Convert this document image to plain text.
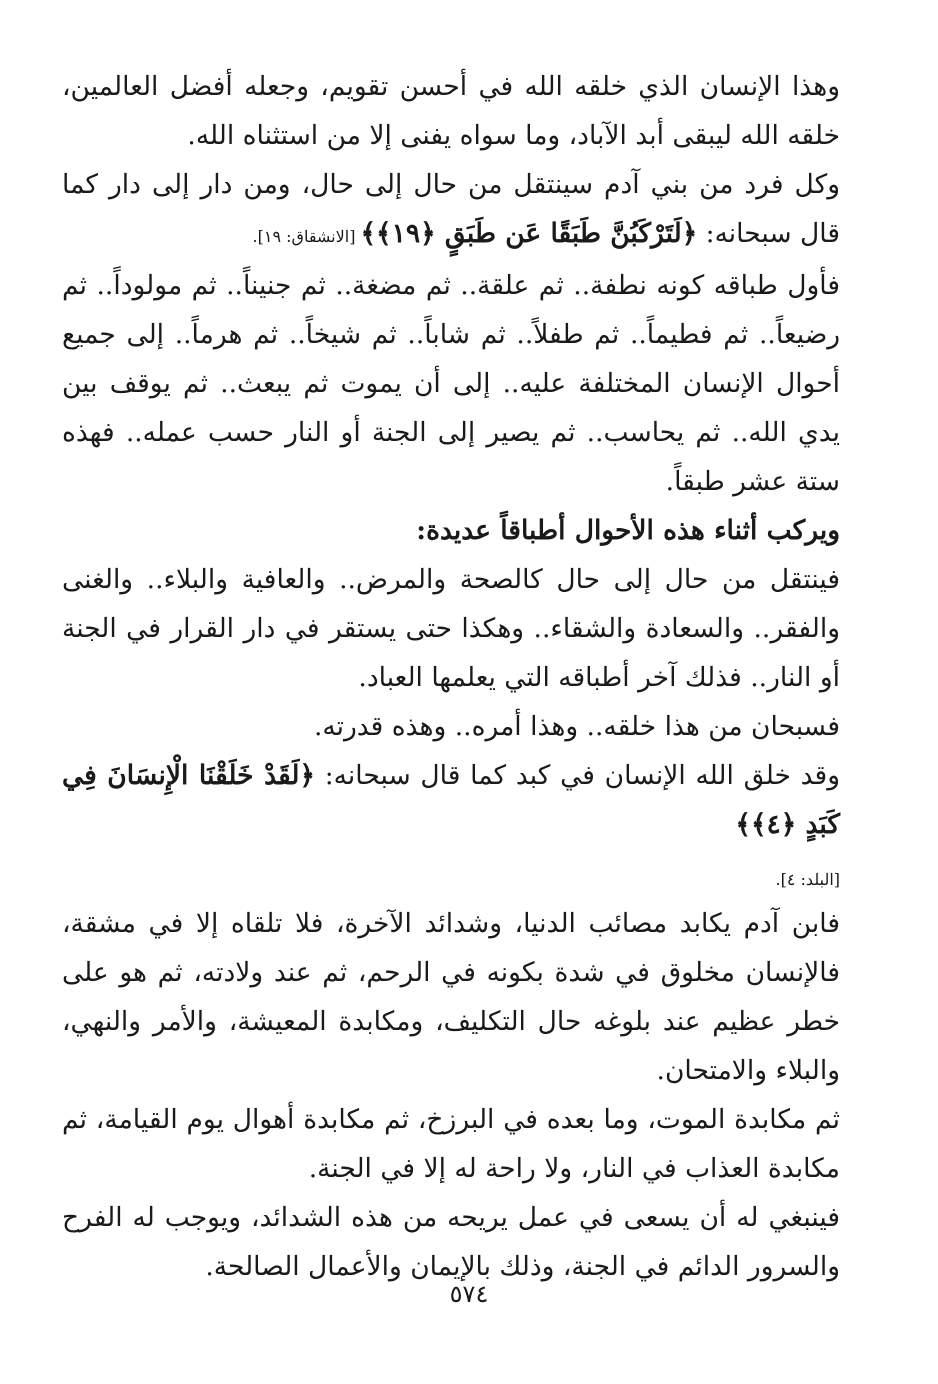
وهذا الإنسان الذي خلقه الله في أحسن تقويم، وجعله أفضل العالمين، خلقه الله ليبقى أبد الآباد، وما سواه يفنى إلا من استثناه الله.

وكل فرد من بني آدم سينتقل من حال إلى حال، ومن دار إلى دار كما قال سبحانه: ﴿لَتَرْكَبُنَّ طَبَقًا عَن طَبَقٍ ﴿١٩﴾﴾ [الانشقاق: ١٩].

فأول طباقه كونه نطفة.. ثم علقة.. ثم مضغة.. ثم جنيناً.. ثم مولوداً.. ثم رضيعاً.. ثم فطيماً.. ثم طفلاً.. ثم شاباً.. ثم شيخاً.. ثم هرماً.. إلى جميع أحوال الإنسان المختلفة عليه.. إلى أن يموت ثم يبعث.. ثم يوقف بين يدي الله.. ثم يحاسب.. ثم يصير إلى الجنة أو النار حسب عمله.. فهذه ستة عشر طبقاً.

ويركب أثناء هذه الأحوال أطباقاً عديدة:

فينتقل من حال إلى حال كالصحة والمرض.. والعافية والبلاء.. والغنى والفقر.. والسعادة والشقاء.. وهكذا حتى يستقر في دار القرار في الجنة أو النار.. فذلك آخر أطباقه التي يعلمها العباد.

فسبحان من هذا خلقه.. وهذا أمره.. وهذه قدرته.

وقد خلق الله الإنسان في كبد كما قال سبحانه: ﴿لَقَدْ خَلَقْنَا الْإِنسَانَ فِي كَبَدٍ ﴿٤﴾﴾

[البلد: ٤].

فابن آدم يكابد مصائب الدنيا، وشدائد الآخرة، فلا تلقاه إلا في مشقة، فالإنسان مخلوق في شدة بكونه في الرحم، ثم عند ولادته، ثم هو على خطر عظيم عند بلوغه حال التكليف، ومكابدة المعيشة، والأمر والنهي، والبلاء والامتحان.

ثم مكابدة الموت، وما بعده في البرزخ، ثم مكابدة أهوال يوم القيامة، ثم مكابدة العذاب في النار، ولا راحة له إلا في الجنة.

فينبغي له أن يسعى في عمل يريحه من هذه الشدائد، ويوجب له الفرح والسرور الدائم في الجنة، وذلك بالإيمان والأعمال الصالحة.

٥٧٤
